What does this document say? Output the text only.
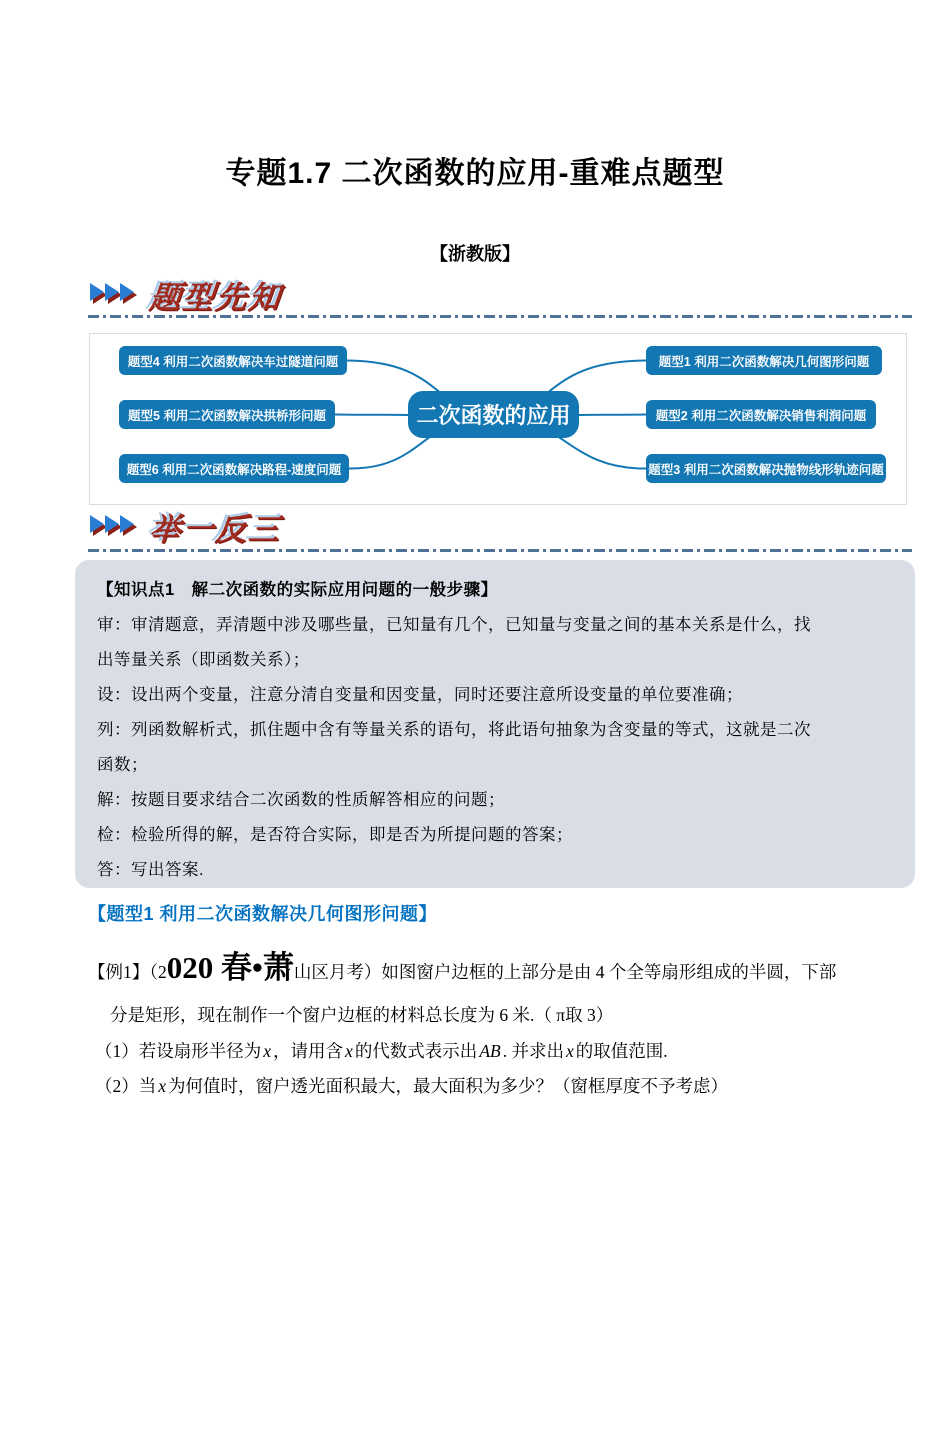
专题1.7 二次函数的应用-重难点题型
【浙教版】
题型先知
题型4 利用二次函数解决车过隧道问题
题型5 利用二次函数解决拱桥形问题
题型6 利用二次函数解决路程-速度问题
题型1 利用二次函数解决几何图形问题
题型2 利用二次函数解决销售利润问题
题型3 利用二次函数解决抛物线形轨迹问题
二次函数的应用
举一反三
【知识点1　解二次函数的实际应用问题的一般步骤】
审：审清题意，弄清题中涉及哪些量，已知量有几个，已知量与变量之间的基本关系是什么，找
出等量关系（即函数关系）；
设：设出两个变量，注意分清自变量和因变量，同时还要注意所设变量的单位要准确；
列：列函数解析式，抓住题中含有等量关系的语句，将此语句抽象为含变量的等式，这就是二次
函数；
解：按题目要求结合二次函数的性质解答相应的问题；
检：检验所得的解，是否符合实际，即是否为所提问题的答案；
答：写出答案.
【题型1 利用二次函数解决几何图形问题】
【例1】（2020 春•萧山区月考）如图窗户边框的上部分是由 4 个全等扇形组成的半圆，下部
分是矩形，现在制作一个窗户边框的材料总长度为 6 米.（ π取 3）
（1）若设扇形半径为 x ，请用含 x 的代数式表示出 AB . 并求出 x 的取值范围.
（2）当 x 为何值时，窗户透光面积最大，最大面积为多少？（窗框厚度不予考虑）
